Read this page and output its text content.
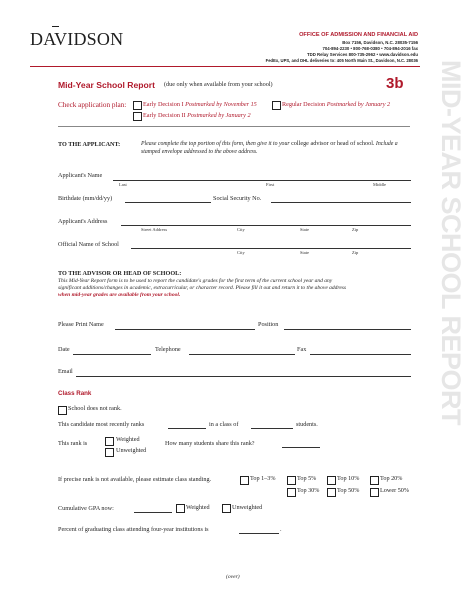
MID-YEAR SCHOOL REPORT
DAVIDSON	OFFICE OF ADMISSION AND FINANCIAL AID
Box 7156, Davidson, N.C. 28035-7156
704-894-2230 • 800-768-0380 • 704-894-2016 fax
TDD Relay Services 800-735-2962 • www.davidson.edu
FedEx, UPS, and DHL deliveries to: 405 North Main St., Davidson, N.C. 28036
Mid-Year School Report (due only when available from your school)	3b
Check application plan:	Early Decision I Postmarked by November 15	Regular Decision Postmarked by January 2
Early Decision II Postmarked by January 2
TO THE APPLICANT:	Please complete the top portion of this form, then give it to your college advisor or head of school. Include a stamped envelope addressed to the above address.
Applicant's Name
Last	First	Middle
Birthdate (mm/dd/yy)	Social Security No.
Applicant's Address
Street Address	City	State	Zip
Official Name of School
City	State	Zip
TO THE ADVISOR OR HEAD OF SCHOOL:
This Mid-Year Report form is to be used to report the candidate's grades for the first term of the current school year and any
significant additions/changes in academic, extracurricular, or character record. Please fill it out and return it to the above address
when mid-year grades are available from your school.
Please Print Name	Position
Date	Telephone	Fax
Email
Class Rank
School does not rank.
This candidate most recently ranks	in a class of	students.
This rank is
Weighted
Unweighted
How many students share this rank?
If precise rank is not available, please estimate class standing.	Top 1–3%	Top 5%	Top 10%	Top 20%
Top 30%	Top 50%	Lower 50%
Cumulative GPA now:	Weighted	Unweighted
Percent of graduating class attending four-year institutions is	.
(over)
